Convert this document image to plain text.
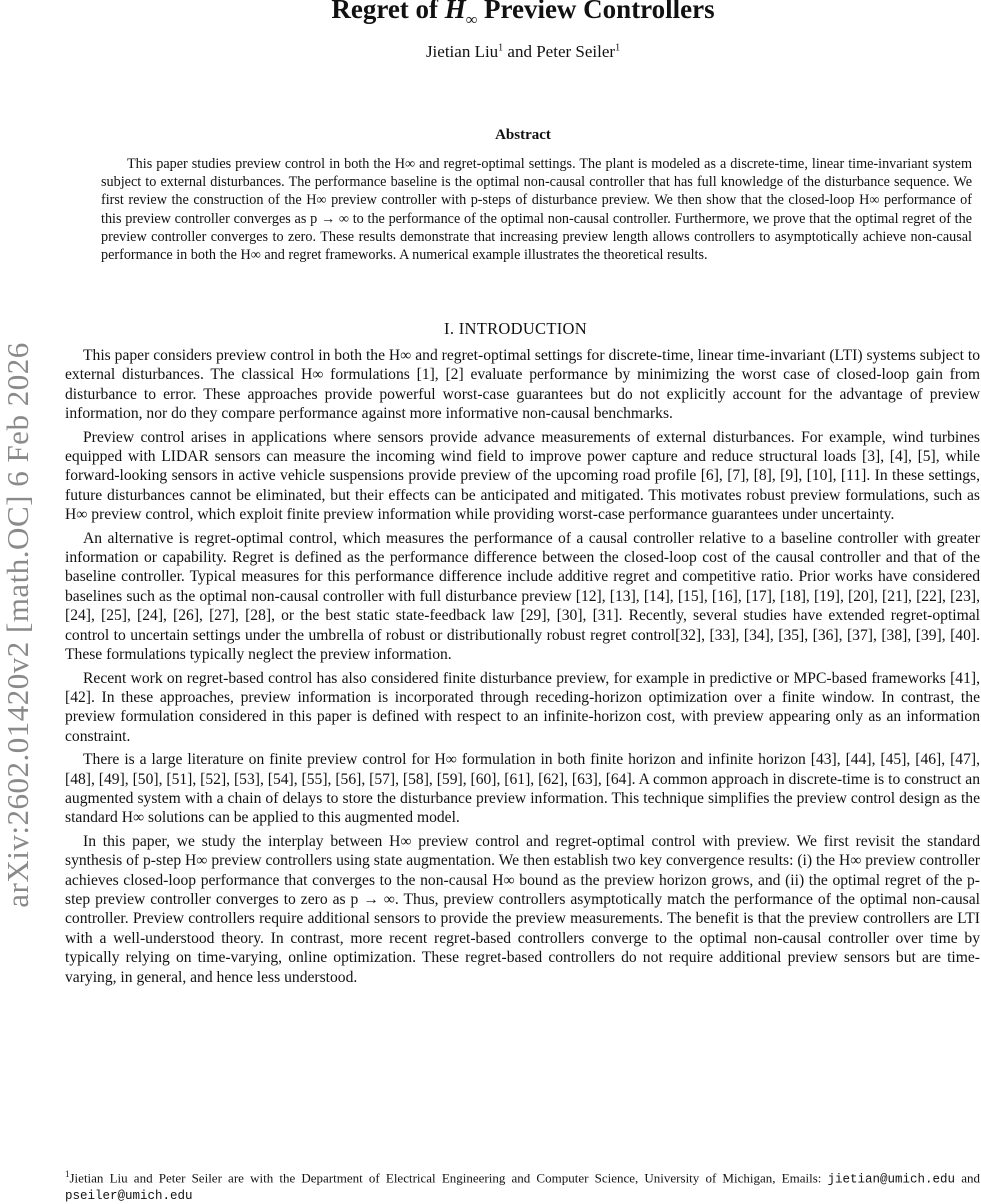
arXiv:2602.01420v2 [math.OC] 6 Feb 2026
Regret of $H_\infty$ Preview Controllers
Jietian Liu$^1$ and Peter Seiler$^1$
Abstract
This paper studies preview control in both the H∞ and regret-optimal settings. The plant is modeled as a discrete-time, linear time-invariant system subject to external disturbances. The performance baseline is the optimal non-causal controller that has full knowledge of the disturbance sequence. We first review the construction of the H∞ preview controller with p-steps of disturbance preview. We then show that the closed-loop H∞ performance of this preview controller converges as p → ∞ to the performance of the optimal non-causal controller. Furthermore, we prove that the optimal regret of the preview controller converges to zero. These results demonstrate that increasing preview length allows controllers to asymptotically achieve non-causal performance in both the H∞ and regret frameworks. A numerical example illustrates the theoretical results.
I. INTRODUCTION

This paper considers preview control in both the H∞ and regret-optimal settings for discrete-time, linear time-invariant (LTI) systems subject to external disturbances. The classical H∞ formulations [1], [2] evaluate performance by minimizing the worst case of closed-loop gain from disturbance to error. These approaches provide powerful worst-case guarantees but do not explicitly account for the advantage of preview information, nor do they compare performance against more informative non-causal benchmarks.

Preview control arises in applications where sensors provide advance measurements of external disturbances. For example, wind turbines equipped with LIDAR sensors can measure the incoming wind field to improve power capture and reduce structural loads [3], [4], [5], while forward-looking sensors in active vehicle suspensions provide preview of the upcoming road profile [6], [7], [8], [9], [10], [11]. In these settings, future disturbances cannot be eliminated, but their effects can be anticipated and mitigated. This motivates robust preview formulations, such as H∞ preview control, which exploit finite preview information while providing worst-case performance guarantees under uncertainty.

An alternative is regret-optimal control, which measures the performance of a causal controller relative to a baseline controller with greater information or capability. Regret is defined as the performance difference between the closed-loop cost of the causal controller and that of the baseline controller. Typical measures for this performance difference include additive regret and competitive ratio. Prior works have considered baselines such as the optimal non-causal controller with full disturbance preview [12], [13], [14], [15], [16], [17], [18], [19], [20], [21], [22], [23], [24], [25], [24], [26], [27], [28], or the best static state-feedback law [29], [30], [31]. Recently, several studies have extended regret-optimal control to uncertain settings under the umbrella of robust or distributionally robust regret control[32], [33], [34], [35], [36], [37], [38], [39], [40]. These formulations typically neglect the preview information.

Recent work on regret-based control has also considered finite disturbance preview, for example in predictive or MPC-based frameworks [41], [42]. In these approaches, preview information is incorporated through receding-horizon optimization over a finite window. In contrast, the preview formulation considered in this paper is defined with respect to an infinite-horizon cost, with preview appearing only as an information constraint.

There is a large literature on finite preview control for H∞ formulation in both finite horizon and infinite horizon [43], [44], [45], [46], [47], [48], [49], [50], [51], [52], [53], [54], [55], [56], [57], [58], [59], [60], [61], [62], [63], [64]. A common approach in discrete-time is to construct an augmented system with a chain of delays to store the disturbance preview information. This technique simplifies the preview control design as the standard H∞ solutions can be applied to this augmented model.

In this paper, we study the interplay between H∞ preview control and regret-optimal control with preview. We first revisit the standard synthesis of p-step H∞ preview controllers using state augmentation. We then establish two key convergence results: (i) the H∞ preview controller achieves closed-loop performance that converges to the non-causal H∞ bound as the preview horizon grows, and (ii) the optimal regret of the p-step preview controller converges to zero as p → ∞. Thus, preview controllers asymptotically match the performance of the optimal non-causal controller. Preview controllers require additional sensors to provide the preview measurements. The benefit is that the preview controllers are LTI with a well-understood theory. In contrast, more recent regret-based controllers converge to the optimal non-causal controller over time by typically relying on time-varying, online optimization. These regret-based controllers do not require additional preview sensors but are time-varying, in general, and hence less understood.

$^1$Jietian Liu and Peter Seiler are with the Department of Electrical Engineering and Computer Science, University of Michigan, Emails: jietian@umich.edu and pseiler@umich.edu
